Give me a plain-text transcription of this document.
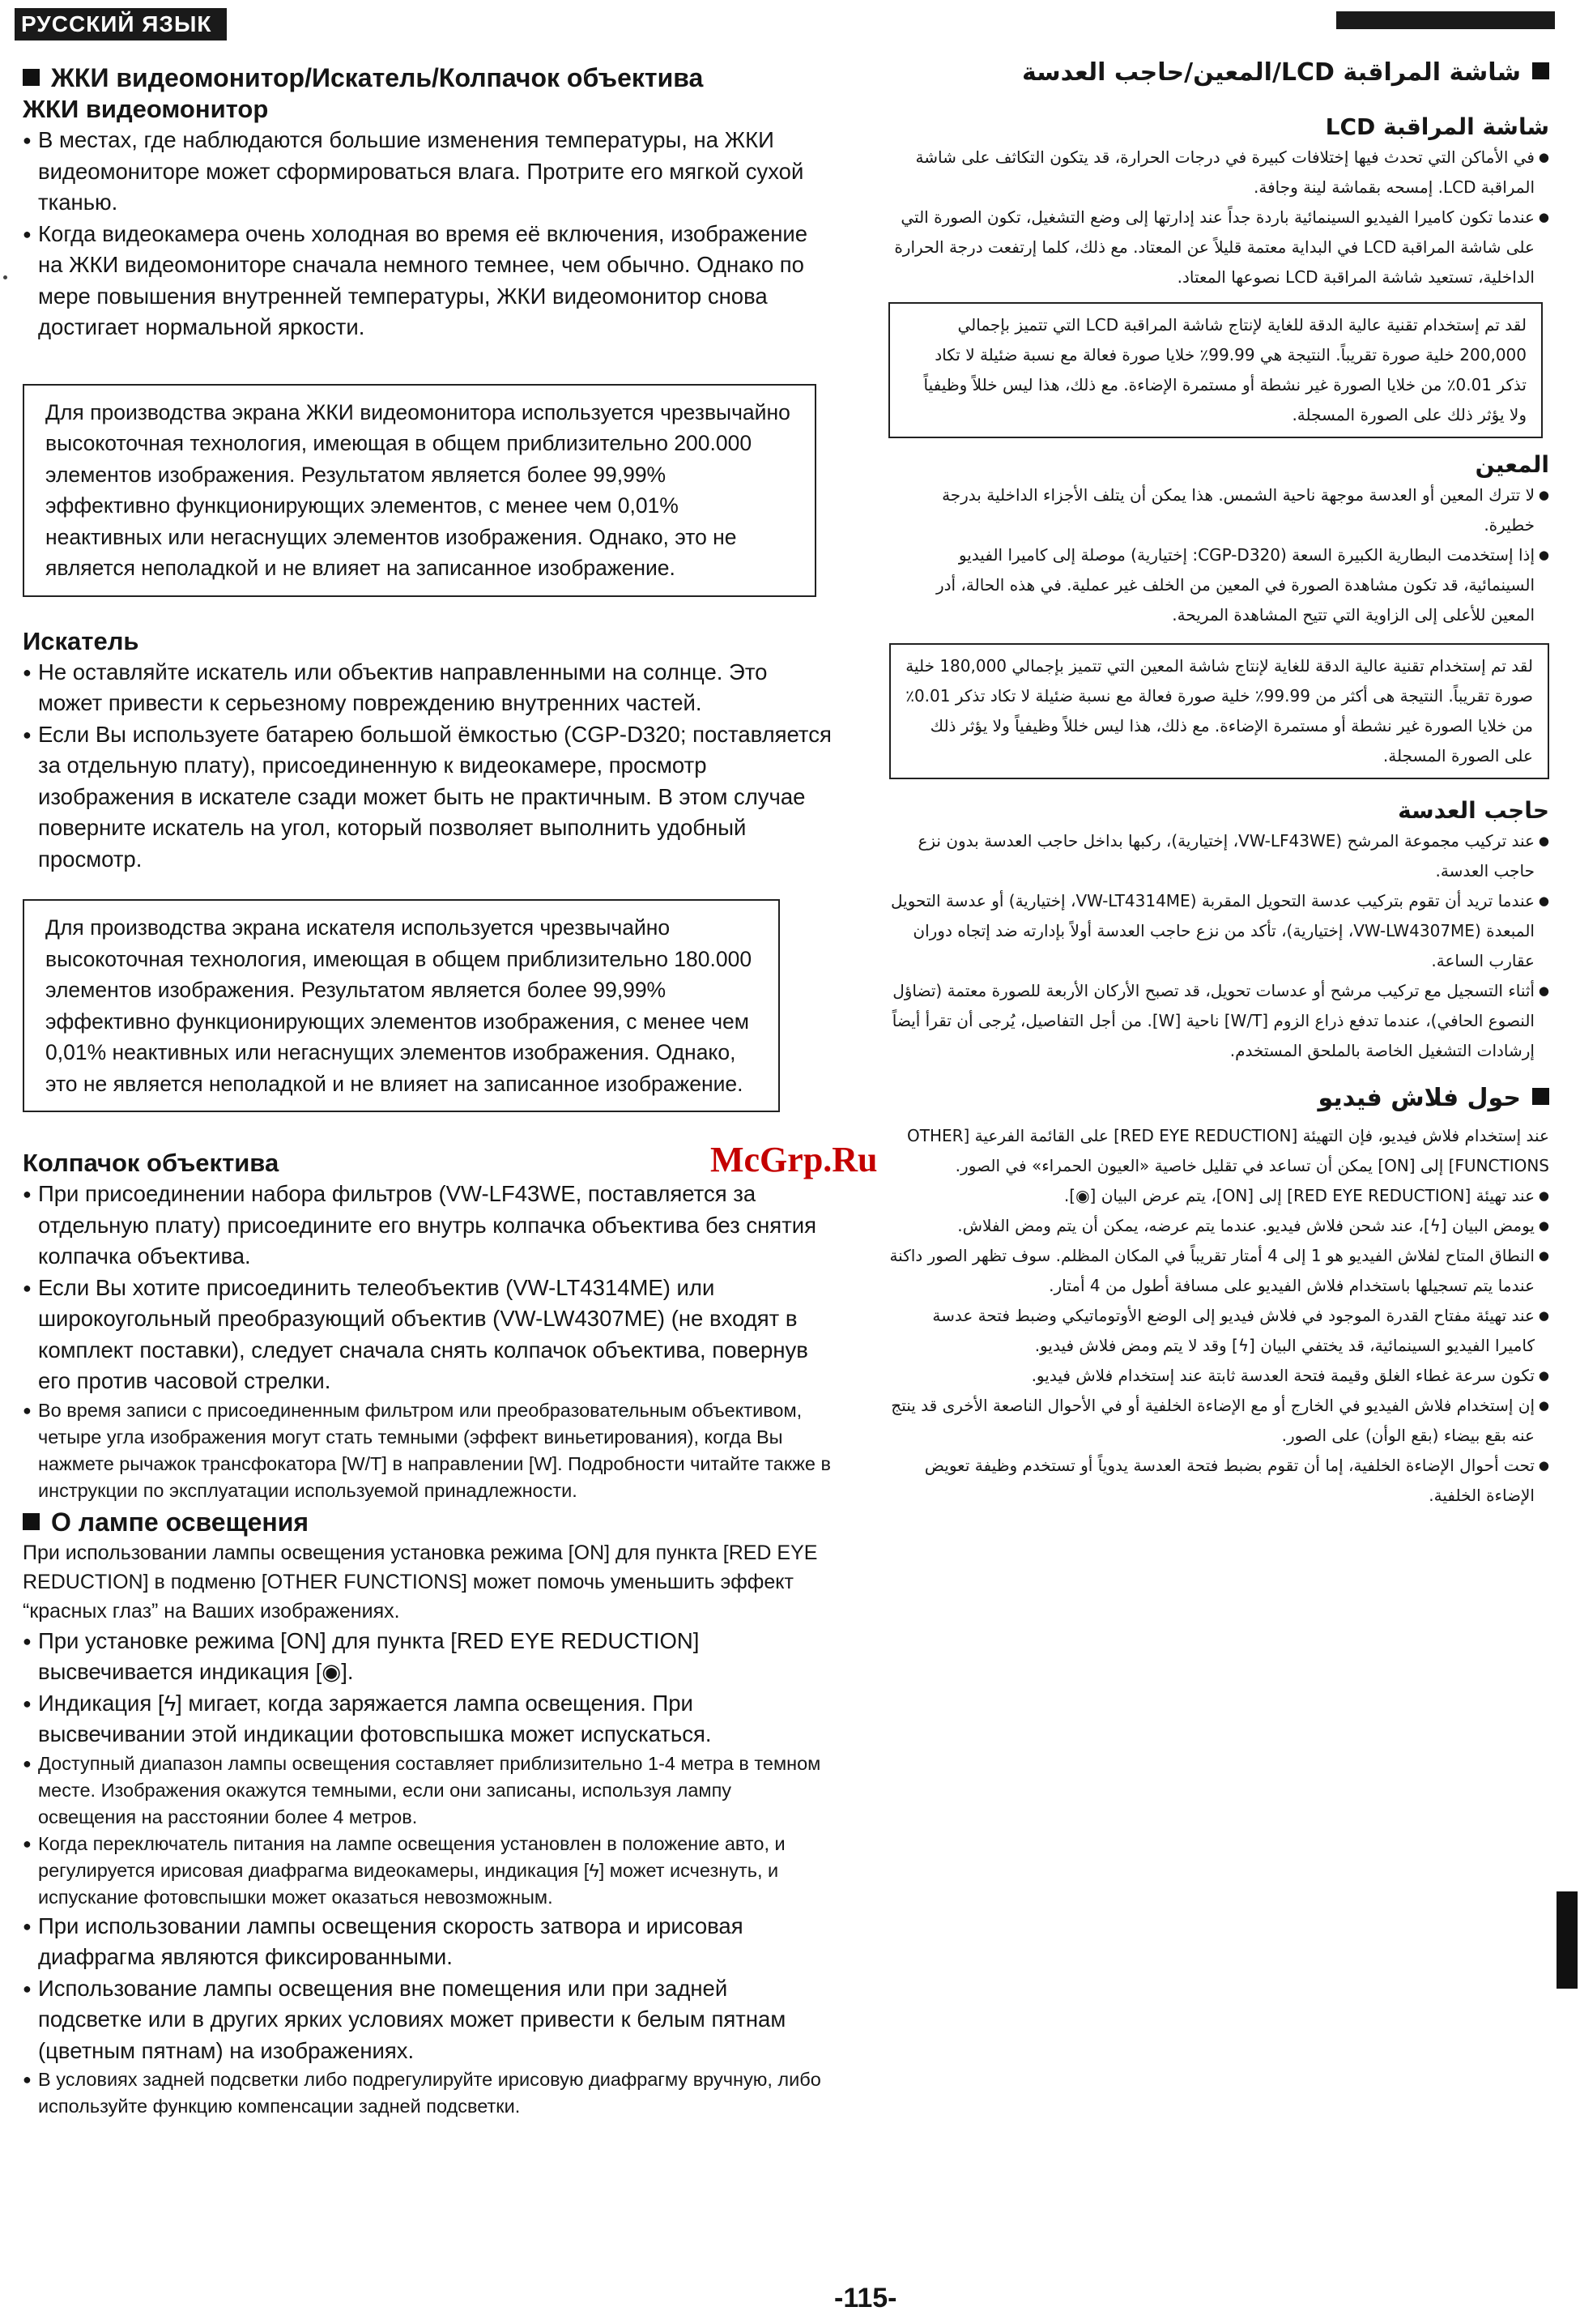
РУССКИЙ ЯЗЫК
ЖКИ видеомонитор/Искатель/Колпачок объектива
ЖКИ видеомонитор
● В местах, где наблюдаются большие изменения температуры, на ЖКИ видеомониторе может сформироваться влага. Протрите его мягкой сухой тканью.
● Когда видеокамера очень холодная во время её включения, изображение на ЖКИ видеомониторе сначала немного темнее, чем обычно. Однако по мере повышения внутренней температуры, ЖКИ видеомонитор снова достигает нормальной яркости.
Для производства экрана ЖКИ видеомонитора используется чрезвычайно высокоточная технология, имеющая в общем приблизительно 200.000 элементов изображения. Результатом является более 99,99% эффективно функционирующих элементов, с менее чем 0,01% неактивных или негаснущих элементов изображения. Однако, это не является неполадкой и не влияет на записанное изображение.
Искатель
● Не оставляйте искатель или объектив направленными на солнце. Это может привести к серьезному повреждению внутренних частей.
● Если Вы используете батарею большой ёмкостью (CGP-D320; поставляется за отдельную плату), присоединенную к видеокамере, просмотр изображения в искателе сзади может быть не практичным. В этом случае поверните искатель на угол, который позволяет выполнить удобный просмотр.
Для производства экрана искателя используется чрезвычайно высокоточная технология, имеющая в общем приблизительно 180.000 элементов изображения. Результатом является более 99,99% эффективно функционирующих элементов изображения, с менее чем 0,01% неактивных или негаснущих элементов изображения. Однако, это не является неполадкой и не влияет на записанное изображение.
Колпачок объектива
● При присоединении набора фильтров (VW-LF43WE, поставляется за отдельную плату) присоедините его внутрь колпачка объектива без снятия колпачка объектива.
● Если Вы хотите присоединить телеобъектив (VW-LT4314ME) или широкоугольный преобразующий объектив (VW-LW4307ME) (не входят в комплект поставки), следует сначала снять колпачок объектива, повернув его против часовой стрелки.
● Во время записи с присоединенным фильтром или преобразовательным объективом, четыре угла изображения могут стать темными (эффект виньетирования), когда Вы нажмете рычажок трансфокатора [W/T] в направлении [W]. Подробности читайте также в инструкции по эксплуатации используемой принадлежности.
О лампе освещения

При использовании лампы освещения установка режима [ON] для пункта [RED EYE REDUCTION] в подменю [OTHER FUNCTIONS] может помочь уменьшить эффект “красных глаз” на Ваших изображениях.

● При установке режима [ON] для пункта [RED EYE REDUCTION] высвечивается индикация [◉].
● Индикация [ϟ] мигает, когда заряжается лампа освещения. При высвечивании этой индикации фотовспышка может испускаться.
● Доступный диапазон лампы освещения составляет приблизительно 1-4 метра в темном месте. Изображения окажутся темными, если они записаны, используя лампу освещения на расстоянии более 4 метров.
● Когда переключатель питания на лампе освещения установлен в положение авто, и регулируется ирисовая диафрагма видеокамеры, индикация [ϟ] может исчезнуть, и испускание фотовспышки может оказаться невозможным.
● При использовании лампы освещения скорость затвора и ирисовая диафрагма являются фиксированными.
● Использование лампы освещения вне помещения или при задней подсветке или в других ярких условиях может привести к белым пятнам (цветным пятнам) на изображениях.
● В условиях задней подсветки либо подрегулируйте ирисовую диафрагму вручную, либо используйте функцию компенсации задней подсветки.
شاشة المراقبة LCD/المعين/حاجب العدسة
شاشة المراقبة LCD
● في الأماكن التي تحدث فيها إختلافات كبيرة في درجات الحرارة، قد يتكون التكاثف على شاشة المراقبة LCD. إمسحه بقماشة لينة وجافة.
● عندما تكون كاميرا الفيديو السينمائية باردة جداً عند إدارتها إلى وضع التشغيل، تكون الصورة التي على شاشة المراقبة LCD في البداية معتمة قليلاً عن المعتاد. مع ذلك، كلما إرتفعت درجة الحرارة الداخلية، تستعيد شاشة المراقبة LCD نصوعها المعتاد.
لقد تم إستخدام تقنية عالية الدقة للغاية لإنتاج شاشة المراقبة LCD التي تتميز بإجمالي 200,000 خلية صورة تقريباً. النتيجة هي 99.99٪ خلايا صورة فعالة مع نسبة ضئيلة لا تكاد تذكر 0.01٪ من خلايا الصورة غير نشطة أو مستمرة الإضاءة. مع ذلك، هذا ليس خللاً وظيفياً ولا يؤثر ذلك على الصورة المسجلة.
المعين
● لا تترك المعين أو العدسة موجهة ناحية الشمس. هذا يمكن أن يتلف الأجزاء الداخلية بدرجة خطيرة.
● إذا إستخدمت البطارية الكبيرة السعة (CGP-D320: إختيارية) موصلة إلى كاميرا الفيديو السينمائية، قد تكون مشاهدة الصورة في المعين من الخلف غير عملية. في هذه الحالة، أدر المعين للأعلى إلى الزاوية التي تتيح المشاهدة المريحة.
لقد تم إستخدام تقنية عالية الدقة للغاية لإنتاج شاشة المعين التي تتميز بإجمالي 180,000 خلية صورة تقريباً. النتيجة هى أكثر من 99.99٪ خلية صورة فعالة مع نسبة ضئيلة لا تكاد تذكر 0.01٪ من خلايا الصورة غير نشطة أو مستمرة الإضاءة. مع ذلك، هذا ليس خللاً وظيفياً ولا يؤثر ذلك على الصورة المسجلة.
حاجب العدسة
● عند تركيب مجموعة المرشح (VW-LF43WE، إختيارية)، ركبها بداخل حاجب العدسة بدون نزع حاجب العدسة.
● عندما تريد أن تقوم بتركيب عدسة التحويل المقربة (VW-LT4314ME، إختيارية) أو عدسة التحويل المبعدة (VW-LW4307ME، إختيارية)، تأكد من نزع حاجب العدسة أولاً بإدارته ضد إتجاه دوران عقارب الساعة.
● أثناء التسجيل مع تركيب مرشح أو عدسات تحويل، قد تصبح الأركان الأربعة للصورة معتمة (تضاؤل النصوع الحافي)، عندما تدفع ذراع الزوم [W/T] ناحية [W]. من أجل التفاصيل، يُرجى أن تقرأ أيضاً إرشادات التشغيل الخاصة بالملحق المستخدم.
حول فلاش فيديو

عند إستخدام فلاش فيديو، فإن التهيئة [RED EYE REDUCTION] على القائمة الفرعية [OTHER FUNCTIONS] إلى [ON] يمكن أن تساعد في تقليل خاصية «العيون الحمراء» في الصور.

● عند تهيئة [RED EYE REDUCTION] إلى [ON]، يتم عرض البيان [◉].
● يومض البيان [ϟ]، عند شحن فلاش فيديو. عندما يتم عرضه، يمكن أن يتم ومض الفلاش.
● النطاق المتاح لفلاش الفيديو هو 1 إلى 4 أمتار تقريباً في المكان المظلم. سوف تظهر الصور داكنة عندما يتم تسجيلها باستخدام فلاش الفيديو على مسافة أطول من 4 أمتار.
● عند تهيئة مفتاح القدرة الموجود في فلاش فيديو إلى الوضع الأوتوماتيكي وضبط فتحة عدسة كاميرا الفيديو السينمائية، قد يختفي البيان [ϟ] وقد لا يتم ومض فلاش فيديو.
● تكون سرعة غطاء الغلق وقيمة فتحة العدسة ثابتة عند إستخدام فلاش فيديو.
● إن إستخدام فلاش الفيديو في الخارج أو مع الإضاءة الخلفية أو في الأحوال الناصعة الأخرى قد ينتج عنه بقع بيضاء (بقع الوأن) على الصور.
● تحت أحوال الإضاءة الخلفية، إما أن تقوم بضبط فتحة العدسة يدوياً أو تستخدم وظيفة تعويض الإضاءة الخلفية.
McGrp.Ru
-115-
